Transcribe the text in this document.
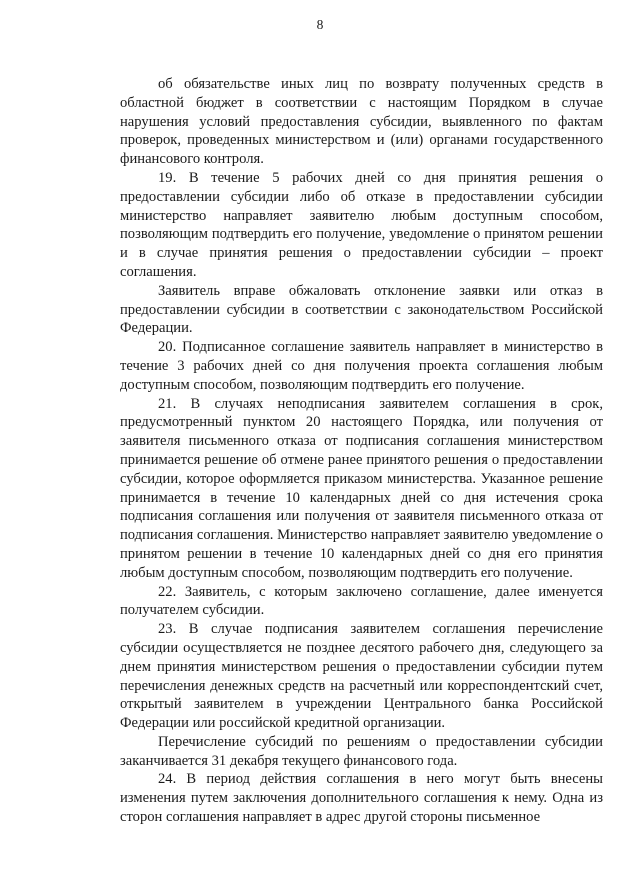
8

об обязательстве иных лиц по возврату полученных средств в областной бюджет в соответствии с настоящим Порядком в случае нарушения условий предоставления субсидии, выявленного по фактам проверок, проведенных министерством и (или) органами государственного финансового контроля.

19. В течение 5 рабочих дней со дня принятия решения о предоставлении субсидии либо об отказе в предоставлении субсидии министерство направляет заявителю любым доступным способом, позволяющим подтвердить его получение, уведомление о принятом решении и в случае принятия решения о предоставлении субсидии – проект соглашения.

Заявитель вправе обжаловать отклонение заявки или отказ в предоставлении субсидии в соответствии с законодательством Российской Федерации.

20. Подписанное соглашение заявитель направляет в министерство в течение 3 рабочих дней со дня получения проекта соглашения любым доступным способом, позволяющим подтвердить его получение.

21. В случаях неподписания заявителем соглашения в срок, предусмотренный пунктом 20 настоящего Порядка, или получения от заявителя письменного отказа от подписания соглашения министерством принимается решение об отмене ранее принятого решения о предоставлении субсидии, которое оформляется приказом министерства. Указанное решение принимается в течение 10 календарных дней со дня истечения срока подписания соглашения или получения от заявителя письменного отказа от подписания соглашения. Министерство направляет заявителю уведомление о принятом решении в течение 10 календарных дней со дня его принятия любым доступным способом, позволяющим подтвердить его получение.

22. Заявитель, с которым заключено соглашение, далее именуется получателем субсидии.

23. В случае подписания заявителем соглашения перечисление субсидии осуществляется не позднее десятого рабочего дня, следующего за днем принятия министерством решения о предоставлении субсидии путем перечисления денежных средств на расчетный или корреспондентский счет, открытый заявителем в учреждении Центрального банка Российской Федерации или российской кредитной организации.

Перечисление субсидий по решениям о предоставлении субсидии заканчивается 31 декабря текущего финансового года.

24. В период действия соглашения в него могут быть внесены изменения путем заключения дополнительного соглашения к нему. Одна из сторон соглашения направляет в адрес другой стороны письменное
